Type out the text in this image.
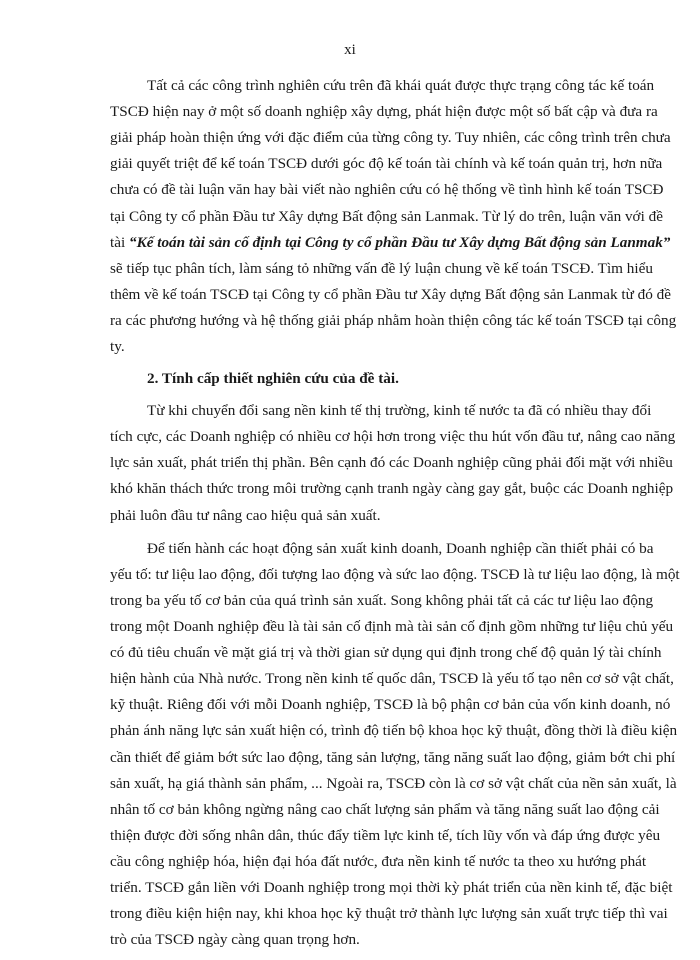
xi
Tất cả các công trình nghiên cứu trên đã khái quát được thực trạng công tác kế toán
TSCĐ hiện nay ở một số doanh nghiệp xây dựng, phát hiện được một số bất cập và đưa ra
giải pháp hoàn thiện ứng với đặc điểm của từng công ty. Tuy nhiên, các công trình trên chưa
giải quyết triệt để kế toán TSCĐ dưới góc độ kế toán tài chính và kế toán quản trị, hơn nữa
chưa có đề tài luận văn hay bài viết nào nghiên cứu có hệ thống về tình hình kế toán TSCĐ
tại Công ty cổ phần Đầu tư Xây dựng Bất động sản Lanmak. Từ lý do trên, luận văn với đề
tài “Kế toán tài sản cố định tại Công ty cổ phần Đầu tư Xây dựng Bất động sản Lanmak”
sẽ tiếp tục phân tích, làm sáng tỏ những vấn đề lý luận chung về kế toán TSCĐ. Tìm hiểu
thêm về kế toán TSCĐ tại Công ty cổ phần Đầu tư Xây dựng Bất động sản Lanmak từ đó đề
ra các phương hướng và hệ thống giải pháp nhằm hoàn thiện công tác kế toán TSCĐ tại công
ty.
2. Tính cấp thiết nghiên cứu của đề tài.
Từ khi chuyển đổi sang nền kinh tế thị trường, kinh tế nước ta đã có nhiều thay đổi
tích cực, các Doanh nghiệp có nhiều cơ hội hơn trong việc thu hút vốn đầu tư, nâng cao năng
lực sản xuất, phát triển thị phần. Bên cạnh đó các Doanh nghiệp cũng phải đối mặt với nhiều
khó khăn thách thức trong môi trường cạnh tranh ngày càng gay gắt, buộc các Doanh nghiệp
phải luôn đầu tư nâng cao hiệu quả sản xuất.
Để tiến hành các hoạt động sản xuất kinh doanh, Doanh nghiệp cần thiết phải có ba
yếu tố: tư liệu lao động, đối tượng lao động và sức lao động. TSCĐ là tư liệu lao động, là một
trong ba yếu tố cơ bản của quá trình sản xuất. Song không phải tất cả các tư liệu lao động
trong một Doanh nghiệp đều là tài sản cố định mà tài sản cố định gồm những tư liệu chủ yếu
có đủ tiêu chuẩn về mặt giá trị và thời gian sử dụng qui định trong chế độ quản lý tài chính
hiện hành của Nhà nước. Trong nền kinh tế quốc dân, TSCĐ là yếu tố tạo nên cơ sở vật chất,
kỹ thuật. Riêng đối với mỗi Doanh nghiệp, TSCĐ là bộ phận cơ bản của vốn kinh doanh, nó
phản ánh năng lực sản xuất hiện có, trình độ tiến bộ khoa học kỹ thuật, đồng thời là điều kiện
cần thiết để giảm bớt sức lao động, tăng sản lượng, tăng năng suất lao động, giảm bớt chi phí
sản xuất, hạ giá thành sản phẩm, ... Ngoài ra, TSCĐ còn là cơ sở vật chất của nền sản xuất, là
nhân tố cơ bản không ngừng nâng cao chất lượng sản phẩm và tăng năng suất lao động cải
thiện được đời sống nhân dân, thúc đẩy tiềm lực kinh tế, tích lũy vốn và đáp ứng được yêu
cầu công nghiệp hóa, hiện đại hóa đất nước, đưa nền kinh tế nước ta theo xu hướng phát
triển. TSCĐ gắn liền với Doanh nghiệp trong mọi thời kỳ phát triển của nền kinh tế, đặc biệt
trong điều kiện hiện nay, khi khoa học kỹ thuật trở thành lực lượng sản xuất trực tiếp thì vai
trò của TSCĐ ngày càng quan trọng hơn.
